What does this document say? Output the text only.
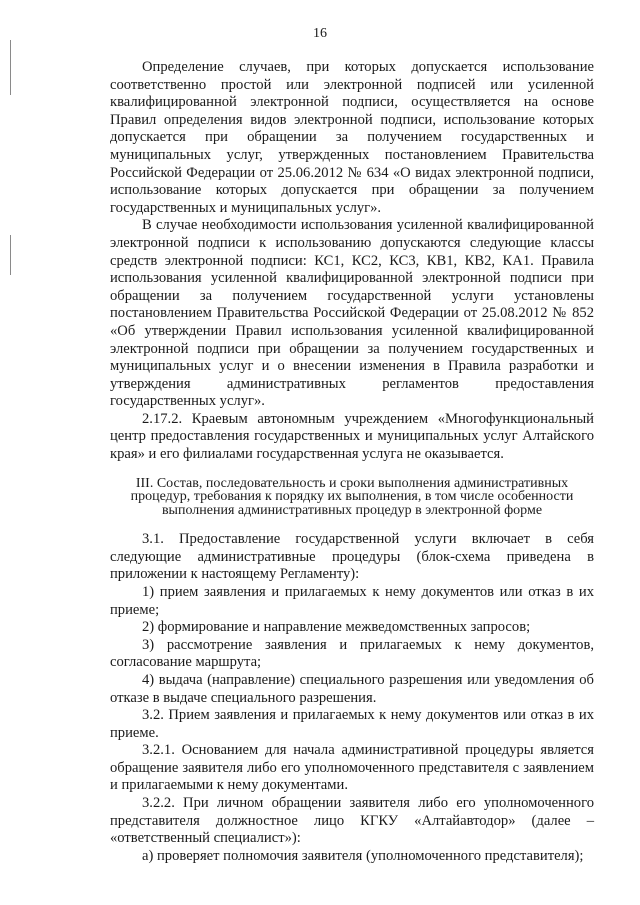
16

Определение случаев, при которых допускается использование соответственно простой или электронной подписей или усиленной квалифицированной электронной подписи, осуществляется на основе Правил определения видов электронной подписи, использование которых допускается при обращении за получением государственных и муниципальных услуг, утвержденных постановлением Правительства Российской Федерации от 25.06.2012 № 634 «О видах электронной подписи, использование которых допускается при обращении за получением государственных и муниципальных услуг».

В случае необходимости использования усиленной квалифицированной электронной подписи к использованию допускаются следующие классы средств электронной подписи: КС1, КС2, КС3, КВ1, КВ2, КА1. Правила использования усиленной квалифицированной электронной подписи при обращении за получением государственной услуги установлены постановлением Правительства Российской Федерации от 25.08.2012 № 852 «Об утверждении Правил использования усиленной квалифицированной электронной подписи при обращении за получением государственных и муниципальных услуг и о внесении изменения в Правила разработки и утверждения административных регламентов предоставления государственных услуг».

2.17.2. Краевым автономным учреждением «Многофункциональный центр предоставления государственных и муниципальных услуг Алтайского края» и его филиалами государственная услуга не оказывается.

III. Состав, последовательность и сроки выполнения административных процедур, требования к порядку их выполнения, в том числе особенности выполнения административных процедур в электронной форме

3.1. Предоставление государственной услуги включает в себя следующие административные процедуры (блок-схема приведена в приложении к настоящему Регламенту):

1) прием заявления и прилагаемых к нему документов или отказ в их приеме;

2) формирование и направление межведомственных запросов;

3) рассмотрение заявления и прилагаемых к нему документов, согласование маршрута;

4) выдача (направление) специального разрешения или уведомления об отказе в выдаче специального разрешения.

3.2. Прием заявления и прилагаемых к нему документов или отказ в их приеме.

3.2.1. Основанием для начала административной процедуры является обращение заявителя либо его уполномоченного представителя с заявлением и прилагаемыми к нему документами.

3.2.2. При личном обращении заявителя либо его уполномоченного представителя должностное лицо КГКУ «Алтайавтодор» (далее – «ответственный специалист»):

а) проверяет полномочия заявителя (уполномоченного представителя);
